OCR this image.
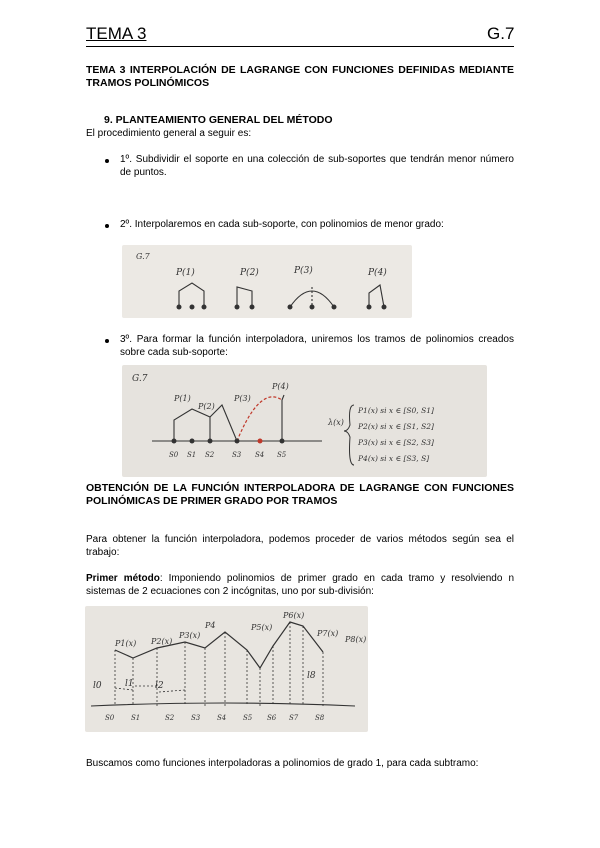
TEMA 3	G.7
TEMA 3 INTERPOLACIÓN DE LAGRANGE CON FUNCIONES DEFINIDAS MEDIANTE TRAMOS POLINÓMICOS
9. PLANTEAMIENTO GENERAL DEL MÉTODO
El procedimiento general a seguir es:
1º. Subdividir el soporte en una colección de sub-soportes que tendrán menor número de puntos.
2º. Interpolaremos en cada sub-soporte, con polinomios de menor grado:
G.7
P(1)	P(2)	P(3)	P(4)
3º. Para formar la función interpoladora, uniremos los tramos de polinomios creados sobre cada sub-soporte:
G.7
P(1)
P(2)
P(3)
P(4)
S0 S1 S2	S3 S4 S5
λ(x)
P1(x) si x ∈ [S0, S1]
P2(x) si x ∈ [S1, S2]
P3(x) si x ∈ [S2, S3]
P4(x) si x ∈ [S3, S]
OBTENCIÓN DE LA FUNCIÓN INTERPOLADORA DE LAGRANGE CON FUNCIONES POLINÓMICAS DE PRIMER GRADO POR TRAMOS
Para obtener la función interpoladora, podemos proceder de varios métodos según sea el trabajo:
Primer método: Imponiendo polinomios de primer grado en cada tramo y resolviendo n sistemas de 2 ecuaciones con 2 incógnitas, uno por sub-división:
P1(x) P2(x)
P3(x)
P4	P5(x)
P6(x)
P7(x)
P8(x)
l0	l1 l2
l8
S0 S1	S2 S3 S4 S5 S6 S7 S8
Buscamos como funciones interpoladoras a polinomios de grado 1, para cada subtramo:
